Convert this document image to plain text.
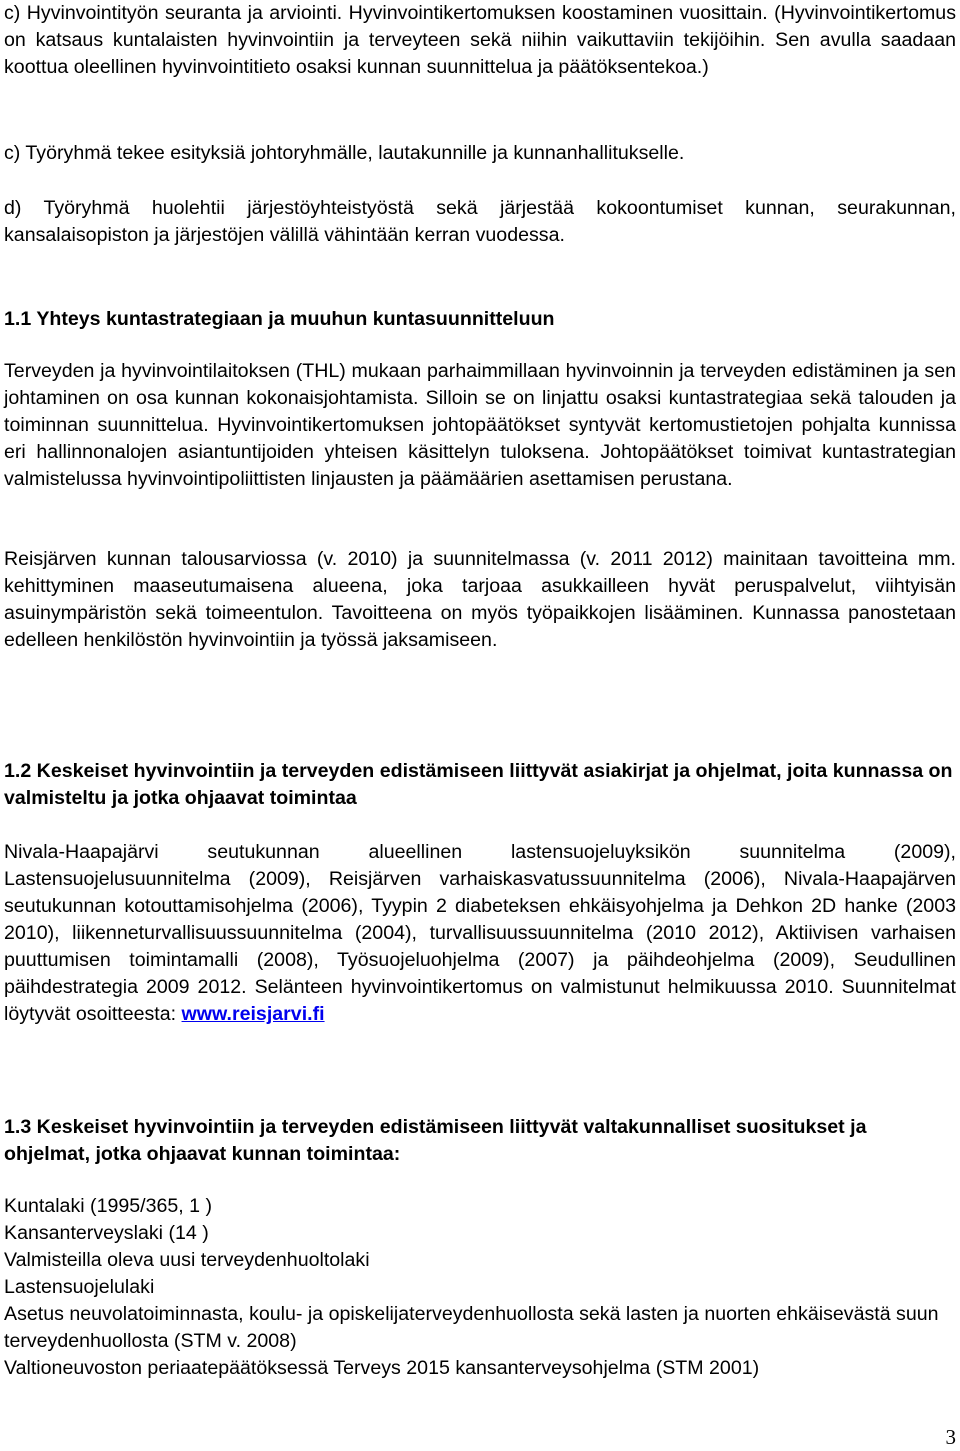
c) Hyvinvointityön seuranta ja arviointi. Hyvinvointikertomuksen koostaminen vuosittain. (Hyvinvointikertomus on katsaus kuntalaisten hyvinvointiin ja terveyteen sekä niihin vaikuttaviin tekijöihin. Sen avulla saadaan koottua oleellinen hyvinvointitieto osaksi kunnan suunnittelua ja päätöksentekoa.)

c) Työryhmä tekee esityksiä johtoryhmälle, lautakunnille ja kunnanhallitukselle.

d) Työryhmä huolehtii järjestöyhteistyöstä sekä järjestää kokoontumiset kunnan, seurakunnan, kansalaisopiston ja järjestöjen välillä vähintään kerran vuodessa.

1.1 Yhteys kuntastrategiaan ja muuhun kuntasuunnitteluun

Terveyden ja hyvinvointilaitoksen (THL) mukaan parhaimmillaan hyvinvoinnin ja terveyden edistäminen ja sen johtaminen on osa kunnan kokonaisjohtamista. Silloin se on linjattu osaksi kuntastrategiaa sekä talouden ja toiminnan suunnittelua. Hyvinvointikertomuksen johtopäätökset syntyvät kertomustietojen pohjalta kunnissa eri hallinnonalojen asiantuntijoiden yhteisen käsittelyn tuloksena. Johtopäätökset toimivat kuntastrategian valmistelussa hyvinvointipoliittisten linjausten ja päämäärien asettamisen perustana.

Reisjärven kunnan talousarviossa (v. 2010) ja suunnitelmassa (v. 2011 2012) mainitaan tavoitteina mm. kehittyminen maaseutumaisena alueena, joka tarjoaa asukkailleen hyvät peruspalvelut, viihtyisän asuinympäristön sekä toimeentulon. Tavoitteena on myös työpaikkojen lisääminen. Kunnassa panostetaan edelleen henkilöstön hyvinvointiin ja työssä jaksamiseen.

1.2 Keskeiset hyvinvointiin ja terveyden edistämiseen liittyvät asiakirjat ja ohjelmat, joita kunnassa on valmisteltu ja jotka ohjaavat toimintaa

Nivala-Haapajärvi seutukunnan alueellinen lastensuojeluyksikön suunnitelma (2009), Lastensuojelusuunnitelma (2009), Reisjärven varhaiskasvatussuunnitelma (2006), Nivala-Haapajärven seutukunnan kotouttamisohjelma (2006), Tyypin 2 diabeteksen ehkäisyohjelma ja Dehkon 2D hanke (2003 2010), liikenneturvallisuussuunnitelma (2004), turvallisuussuunnitelma (2010 2012), Aktiivisen varhaisen puuttumisen toimintamalli (2008), Työsuojeluohjelma (2007) ja päihdeohjelma (2009), Seudullinen päihdestrategia 2009 2012. Selänteen hyvinvointikertomus on valmistunut helmikuussa 2010. Suunnitelmat löytyvät osoitteesta: www.reisjarvi.fi

1.3 Keskeiset hyvinvointiin ja terveyden edistämiseen liittyvät valtakunnalliset suositukset ja ohjelmat, jotka ohjaavat kunnan toimintaa:
Kuntalaki (1995/365, 1 )
Kansanterveyslaki (14 )
Valmisteilla oleva uusi terveydenhuoltolaki
Lastensuojelulaki
Asetus neuvolatoiminnasta, koulu- ja opiskelijaterveydenhuollosta sekä lasten ja nuorten ehkäisevästä suun terveydenhuollosta (STM v. 2008)
Valtioneuvoston periaatepäätöksessä Terveys 2015 kansanterveysohjelma (STM 2001)
3
